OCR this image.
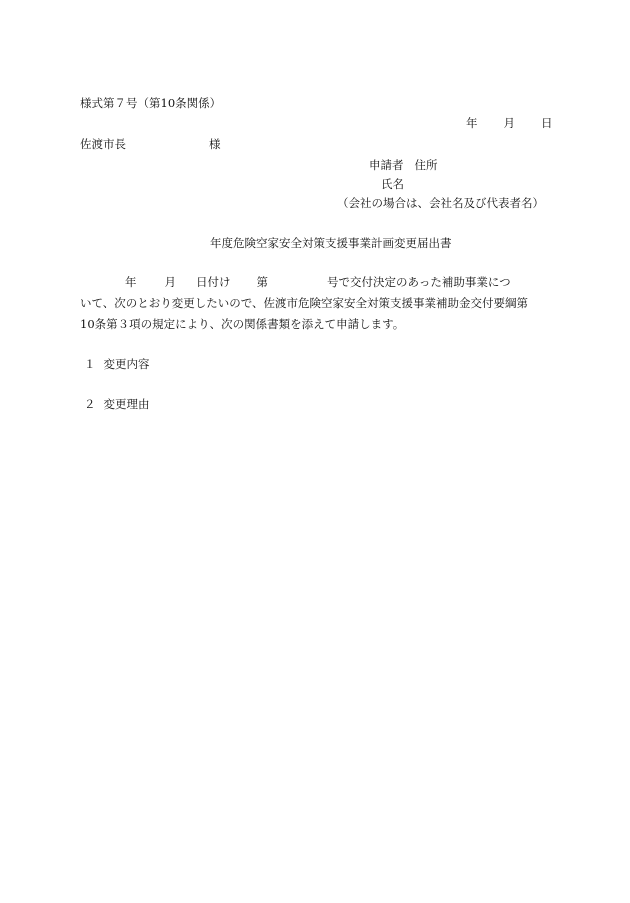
様式第７号（第10条関係）
年 月 日
佐渡市長	様
申請者 住所
氏名
（会社の場合は、会社名及び代表者名）
年度危険空家安全対策支援事業計画変更届出書
年 月 日付け 第	号で交付決定のあった補助事業につ
いて、次のとおり変更したいので、佐渡市危険空家安全対策支援事業補助金交付要綱第
10条第３項の規定により、次の関係書類を添えて申請します。
１ 変更内容
２ 変更理由
